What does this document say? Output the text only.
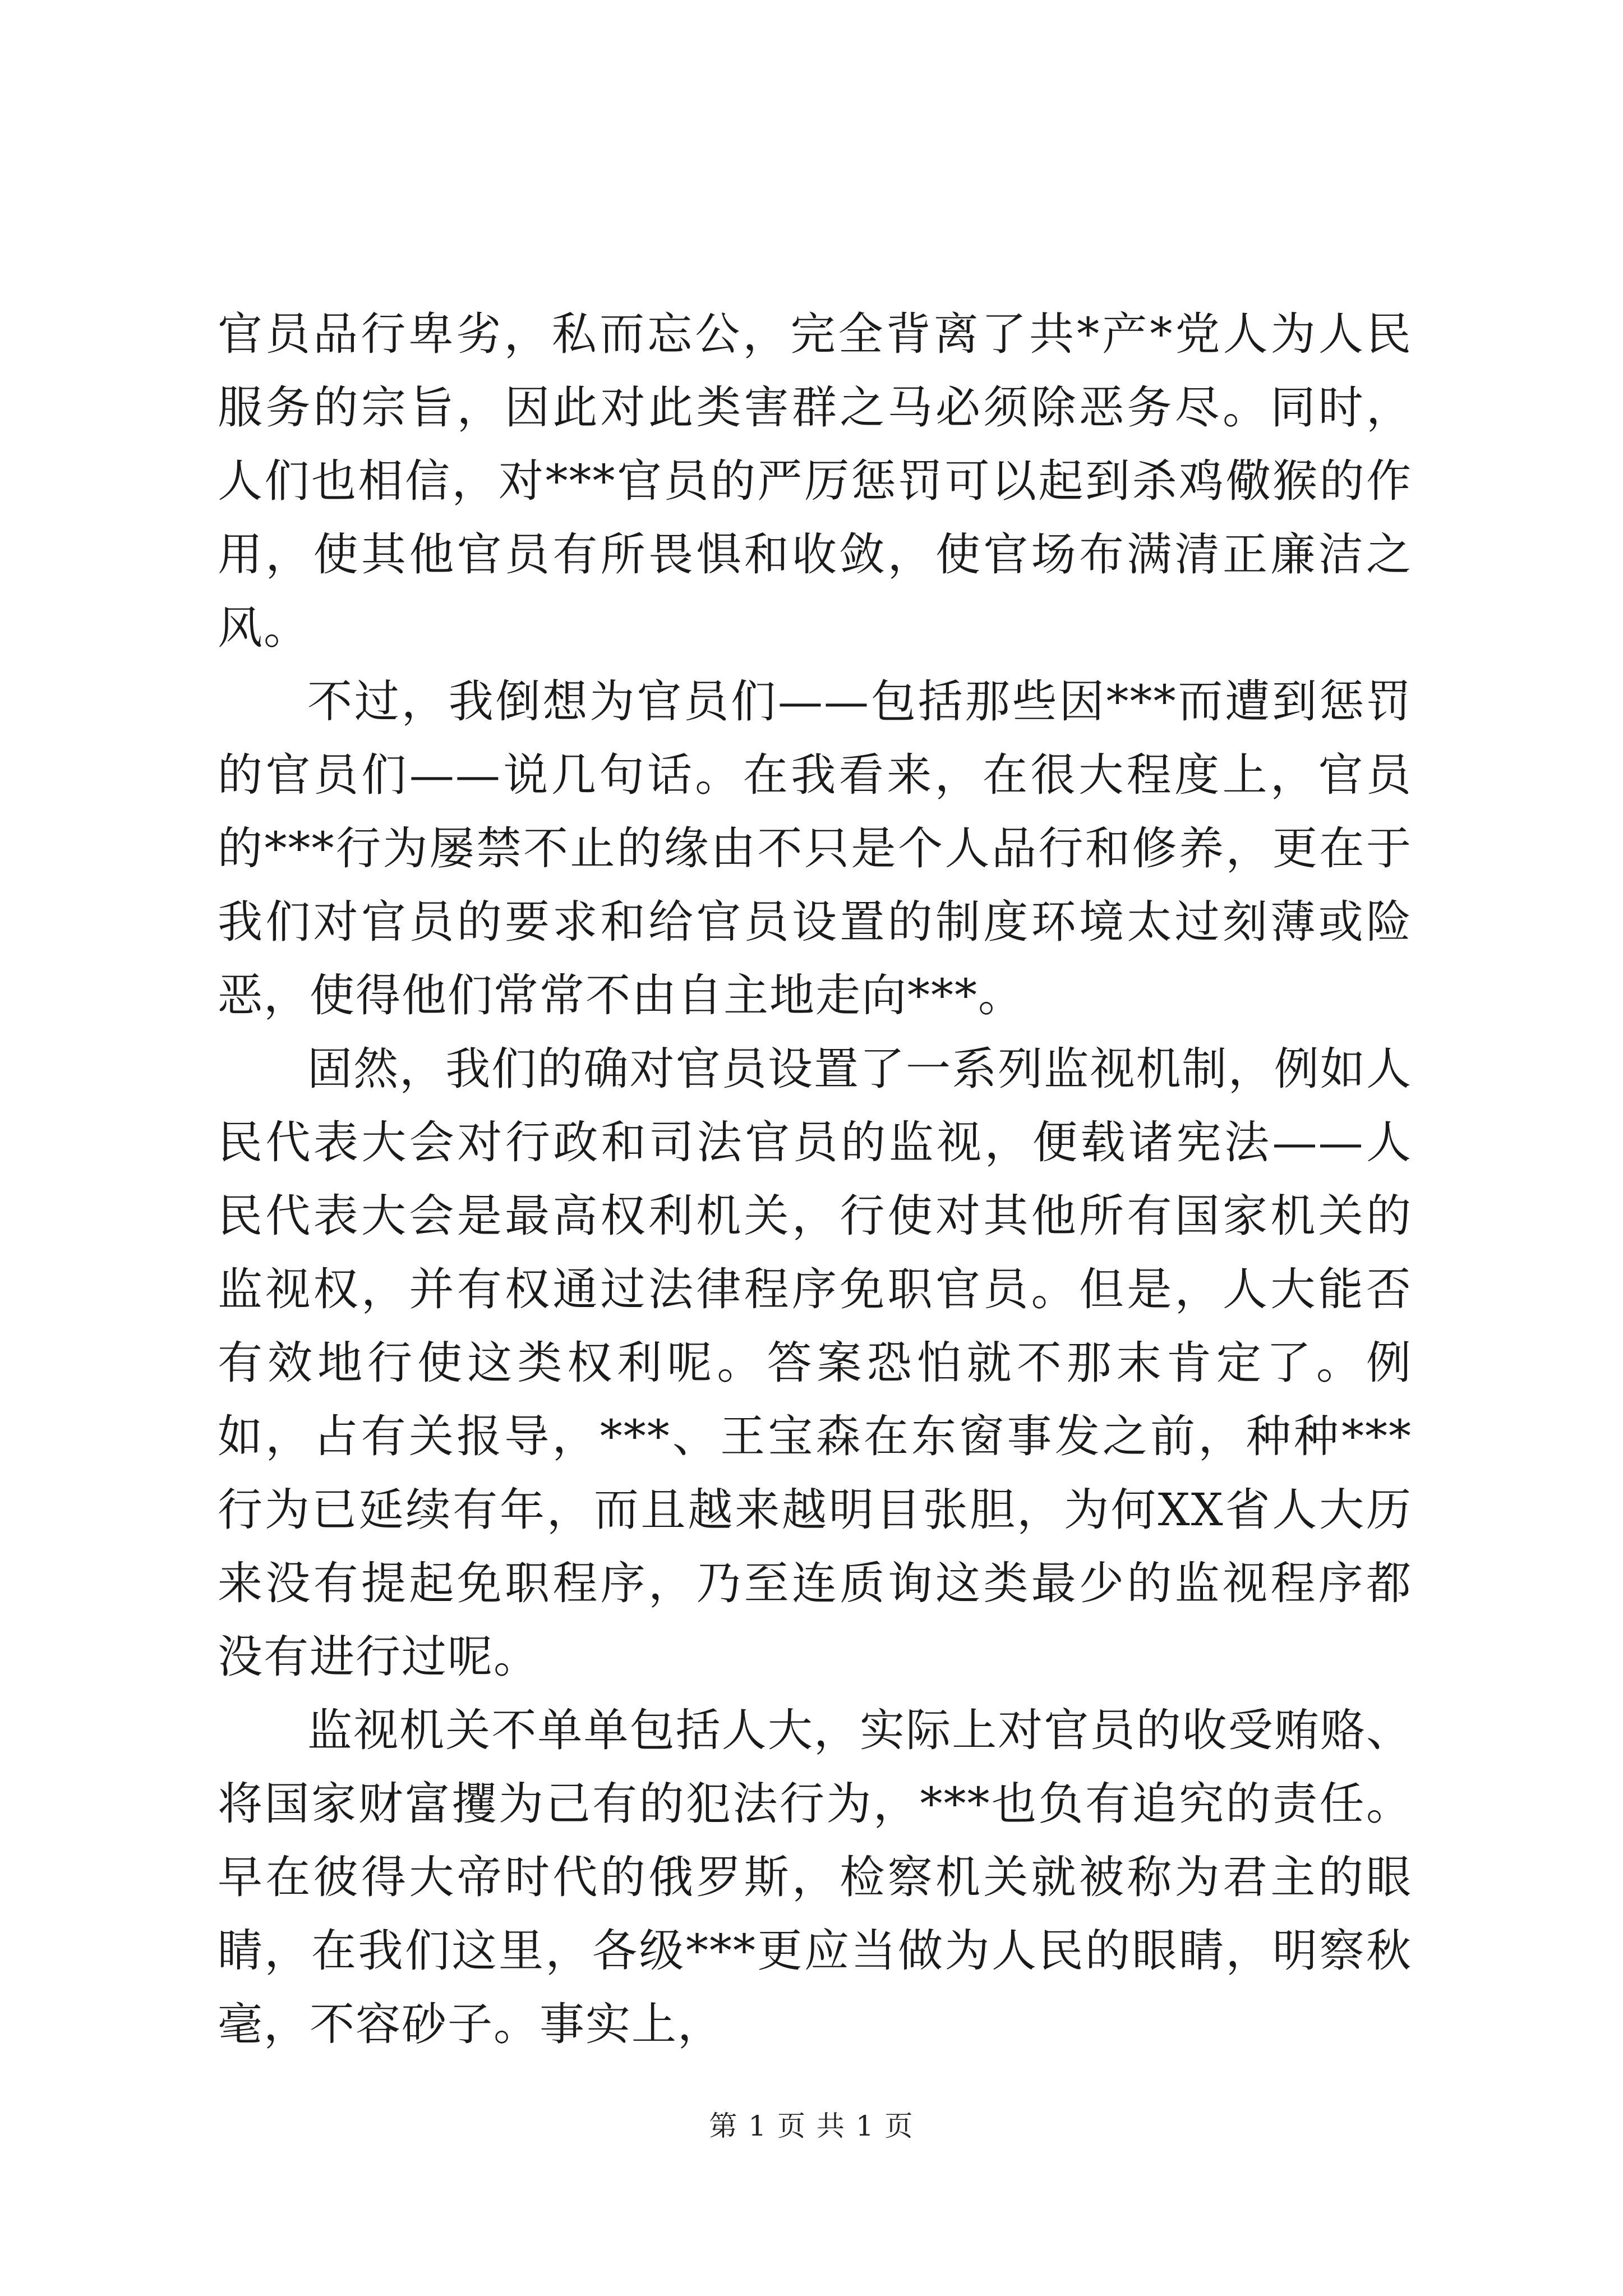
官员品行卑劣，私而忘公，完全背离了共*产*党人为人民服务的宗旨，因此对此类害群之马必须除恶务尽。同时，人们也相信，对***官员的严厉惩罚可以起到杀鸡儆猴的作用，使其他官员有所畏惧和收敛，使官场布满清正廉洁之风。

不过，我倒想为官员们——包括那些因***而遭到惩罚的官员们——说几句话。在我看来，在很大程度上，官员的***行为屡禁不止的缘由不只是个人品行和修养，更在于我们对官员的要求和给官员设置的制度环境太过刻薄或险恶，使得他们常常不由自主地走向***。

固然，我们的确对官员设置了一系列监视机制，例如人民代表大会对行政和司法官员的监视，便载诸宪法——人民代表大会是最高权利机关，行使对其他所有国家机关的监视权，并有权通过法律程序免职官员。但是，人大能否有效地行使这类权利呢。答案恐怕就不那末肯定了。例如，占有关报导，***、王宝森在东窗事发之前，种种***行为已延续有年，而且越来越明目张胆，为何XX省人大历来没有提起免职程序，乃至连质询这类最少的监视程序都没有进行过呢。

监视机关不单单包括人大，实际上对官员的收受贿赂、将国家财富攫为己有的犯法行为，***也负有追究的责任。早在彼得大帝时代的俄罗斯，检察机关就被称为君主的眼睛，在我们这里，各级***更应当做为人民的眼睛，明察秋毫，不容砂子。事实上，

第 1 页 共 1 页
